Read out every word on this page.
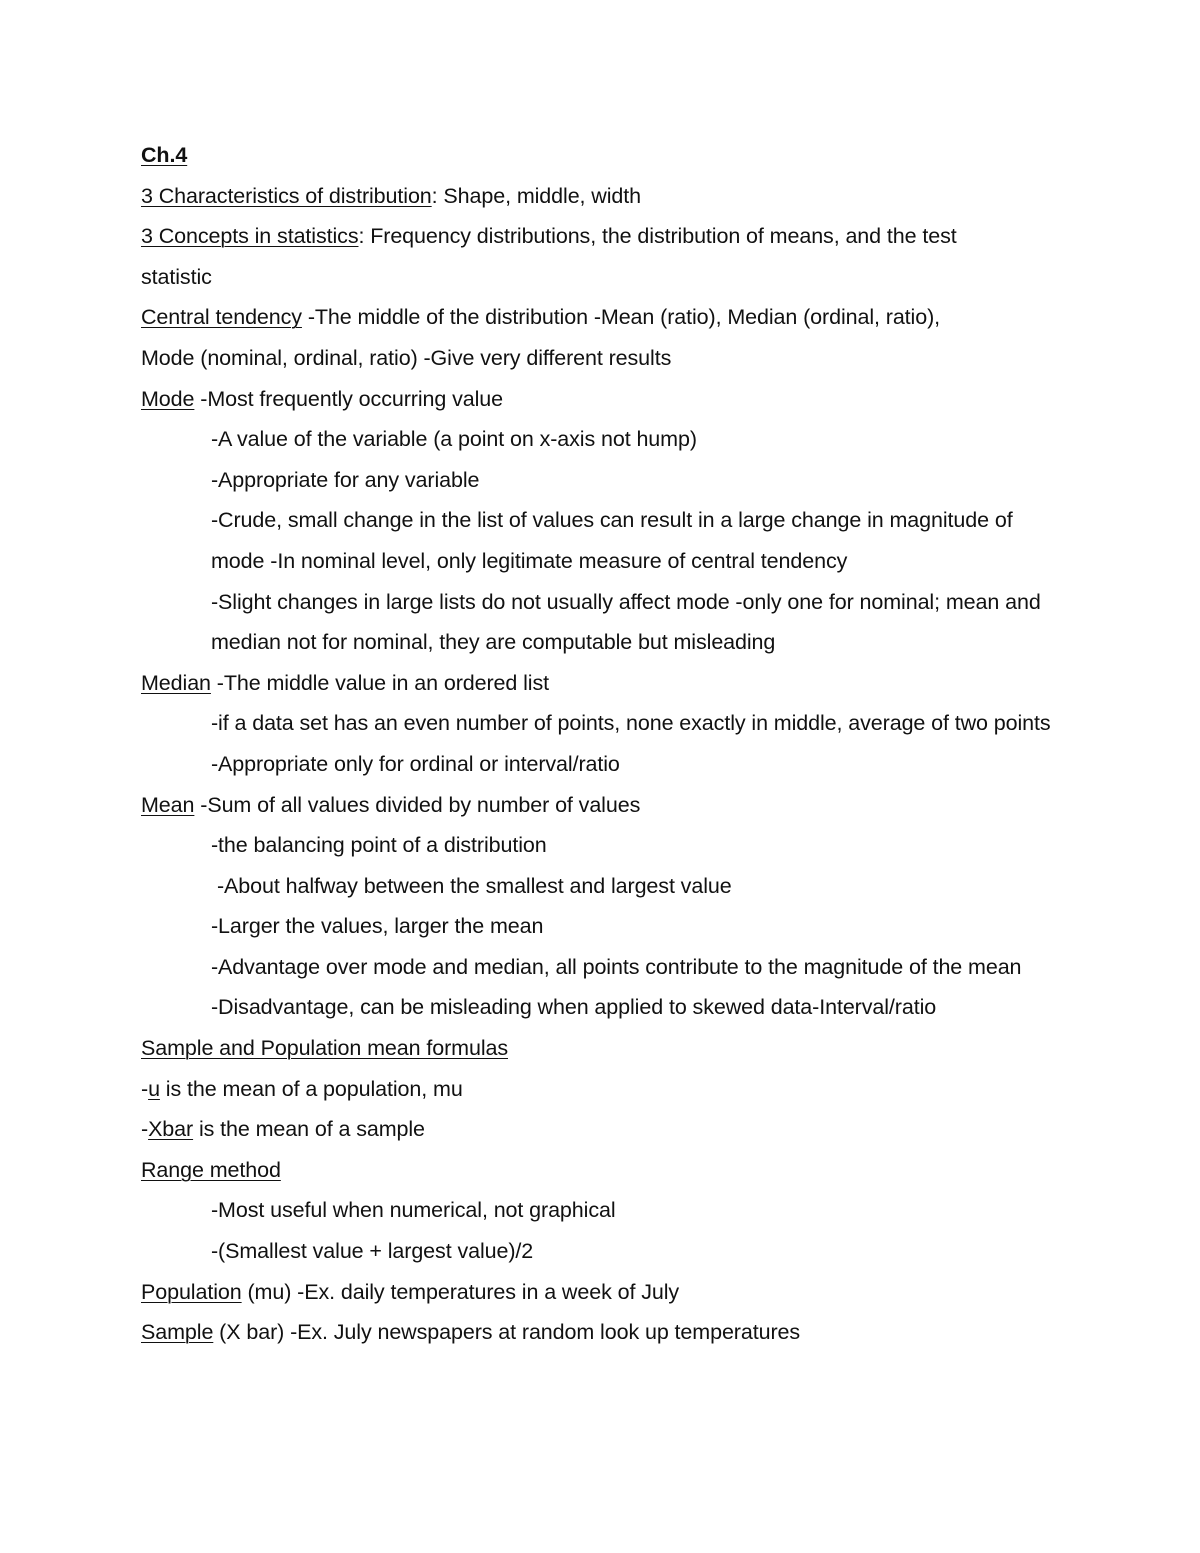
Ch.4
3 Characteristics of distribution: Shape, middle, width
3 Concepts in statistics: Frequency distributions, the distribution of means, and the test
statistic
Central tendency -The middle of the distribution -Mean (ratio), Median (ordinal, ratio),
Mode (nominal, ordinal, ratio) -Give very different results
Mode -Most frequently occurring value
-A value of the variable (a point on x-axis not hump)
-Appropriate for any variable
-Crude, small change in the list of values can result in a large change in magnitude of
mode -In nominal level, only legitimate measure of central tendency
-Slight changes in large lists do not usually affect mode -only one for nominal; mean and
median not for nominal, they are computable but misleading
Median -The middle value in an ordered list
-if a data set has an even number of points, none exactly in middle, average of two points
-Appropriate only for ordinal or interval/ratio
Mean -Sum of all values divided by number of values
-the balancing point of a distribution
-About halfway between the smallest and largest value
-Larger the values, larger the mean
-Advantage over mode and median, all points contribute to the magnitude of the mean
-Disadvantage, can be misleading when applied to skewed data-Interval/ratio
Sample and Population mean formulas
-u is the mean of a population, mu
-Xbar is the mean of a sample
Range method
-Most useful when numerical, not graphical
-(Smallest value + largest value)/2
Population (mu) -Ex. daily temperatures in a week of July
Sample (X bar) -Ex. July newspapers at random look up temperatures
